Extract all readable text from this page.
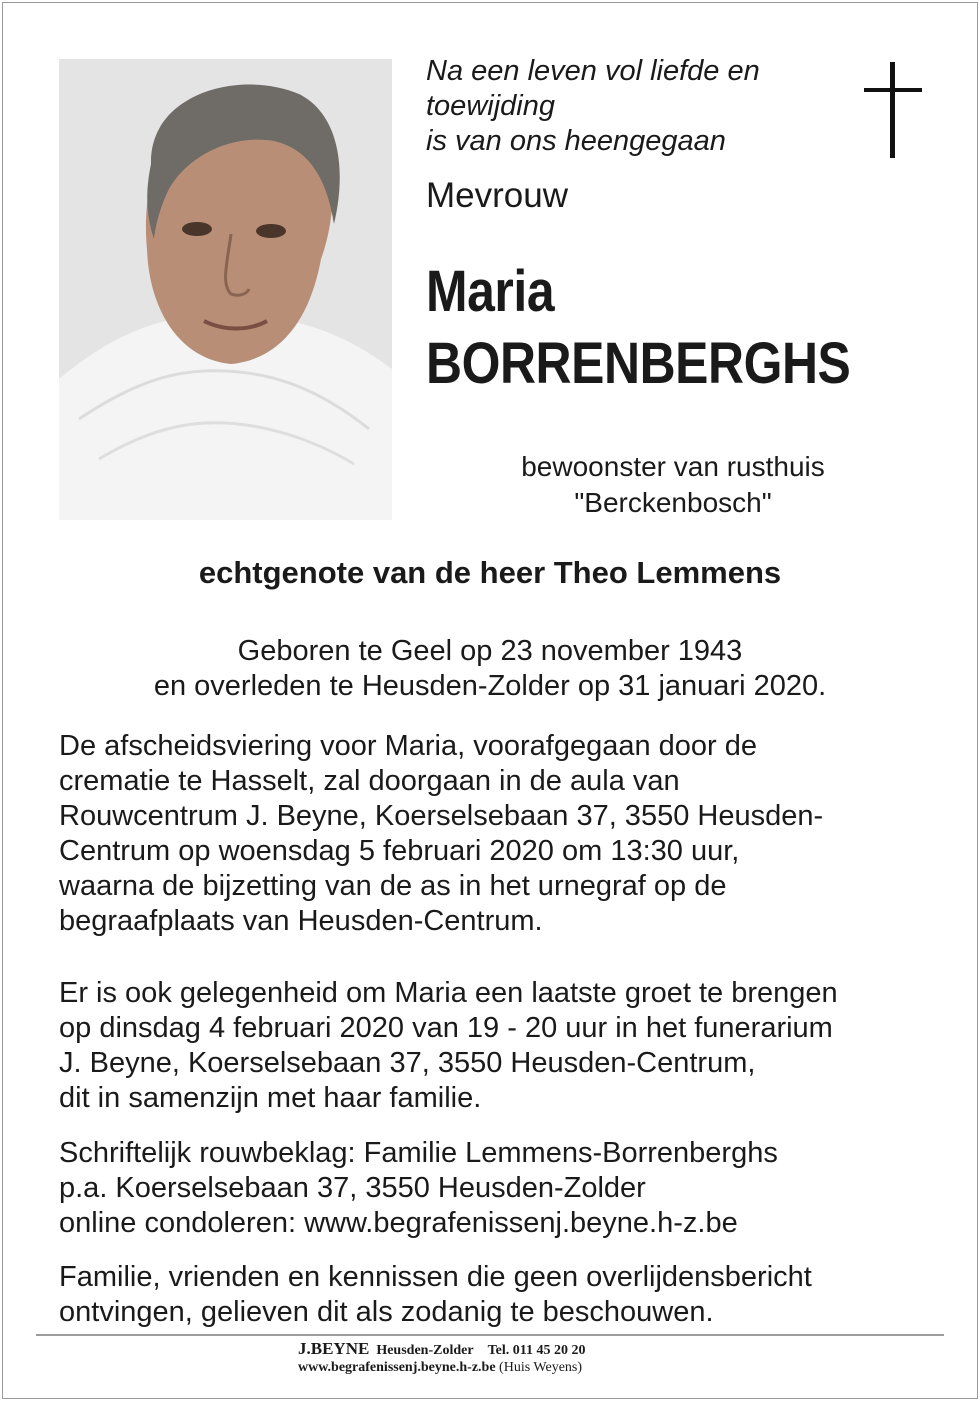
Na een leven vol liefde en
toewijding
is van ons heengegaan
Mevrouw
Maria
BORRENBERGHS
bewoonster van rusthuis
"Berckenbosch"
echtgenote van de heer Theo Lemmens
Geboren te Geel op 23 november 1943
en overleden te Heusden-Zolder op 31 januari 2020.
De afscheidsviering voor Maria, voorafgegaan door de
crematie te Hasselt, zal doorgaan in de aula van
Rouwcentrum J. Beyne, Koerselsebaan 37, 3550 Heusden-
Centrum op woensdag 5 februari 2020 om 13:30 uur,
waarna de bijzetting van de as in het urnegraf op de
begraafplaats van Heusden-Centrum.
Er is ook gelegenheid om Maria een laatste groet te brengen
op dinsdag 4 februari 2020 van 19 - 20 uur in het funerarium
J. Beyne, Koerselsebaan 37, 3550 Heusden-Centrum,
dit in samenzijn met haar familie.
Schriftelijk rouwbeklag: Familie Lemmens-Borrenberghs
p.a. Koerselsebaan 37, 3550 Heusden-Zolder
online condoleren: www.begrafenissenj.beyne.h-z.be
Familie, vrienden en kennissen die geen overlijdensbericht
ontvingen, gelieven dit als zodanig te beschouwen.
J.BEYNE Heusden-Zolder Tel. 011 45 20 20
www.begrafenissenj.beyne.h-z.be (Huis Weyens)
